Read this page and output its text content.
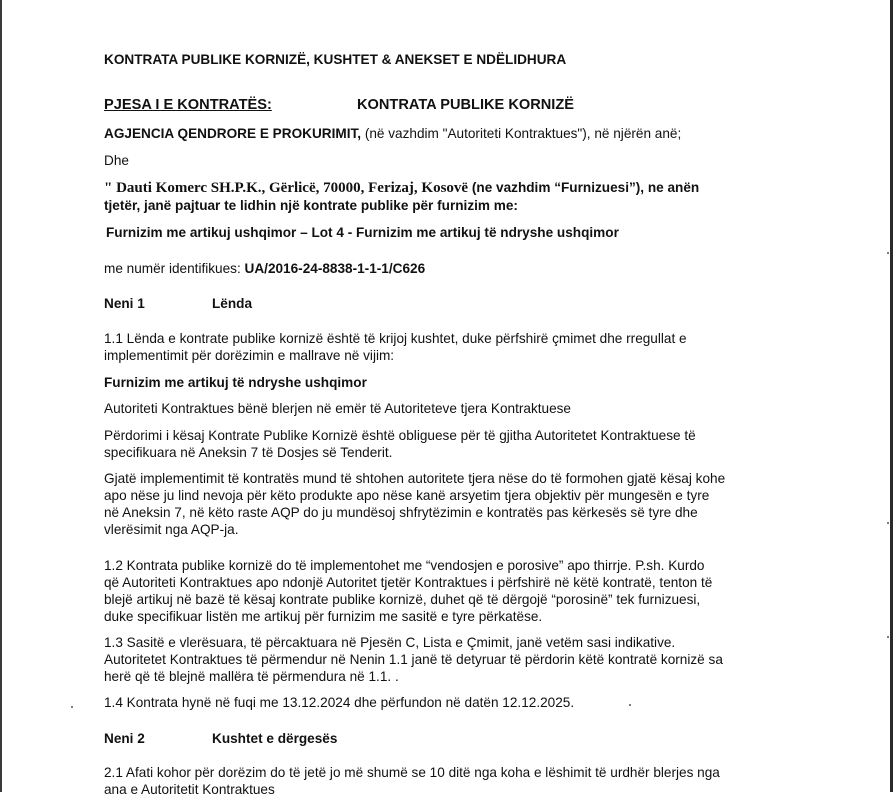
KONTRATA PUBLIKE KORNIZË, KUSHTET & ANEKSET E NDËLIDHURA
PJESA I E KONTRATËS:	KONTRATA PUBLIKE KORNIZË
AGJENCIA QENDRORE E PROKURIMIT, (në vazhdim "Autoriteti Kontraktues"), në njërën anë;
Dhe
" Dauti Komerc SH.P.K., Gërlicë, 70000, Ferizaj, Kosovë (ne vazhdim “Furnizuesi”), ne anën
tjetër, janë pajtuar te lidhin një kontrate publike për furnizim me:
Furnizim me artikuj ushqimor – Lot 4 - Furnizim me artikuj të ndryshe ushqimor
me numër identifikues: UA/2016-24-8838-1-1-1/C626
Neni 1	Lënda
1.1 Lënda e kontrate publike kornizë është të krijoj kushtet, duke përfshirë çmimet dhe rregullat e
implementimit për dorëzimin e mallrave në vijim:
Furnizim me artikuj të ndryshe ushqimor
Autoriteti Kontraktues bënë blerjen në emër të Autoriteteve tjera Kontraktuese
Përdorimi i kësaj Kontrate Publike Kornizë është obliguese për të gjitha Autoritetet Kontraktuese të
specifikuara në Aneksin 7 të Dosjes së Tenderit.
Gjatë implementimit të kontratës mund të shtohen autoritete tjera nëse do të formohen gjatë kësaj kohe
apo nëse ju lind nevoja për këto produkte apo nëse kanë arsyetim tjera objektiv për mungesën e tyre
në Aneksin 7, në këto raste AQP do ju mundësoj shfrytëzimin e kontratës pas kërkesës së tyre dhe
vlerësimit nga AQP-ja.
1.2 Kontrata publike kornizë do të implementohet me “vendosjen e porosive” apo thirrje. P.sh. Kurdo
që Autoriteti Kontraktues apo ndonjë Autoritet tjetër Kontraktues i përfshirë në këtë kontratë, tenton të
blejë artikuj në bazë të kësaj kontrate publike kornizë, duhet që të dërgojë “porosinë” tek furnizuesi,
duke specifikuar listën me artikuj për furnizim me sasitë e tyre përkatëse.
1.3 Sasitë e vlerësuara, të përcaktuara në Pjesën C, Lista e Çmimit, janë vetëm sasi indikative.
Autoritetet Kontraktues të përmendur në Nenin 1.1 janë të detyruar të përdorin këtë kontratë kornizë sa
herë që të blejnë mallëra të përmendura në 1.1. .
1.4 Kontrata hynë në fuqi me 13.12.2024 dhe përfundon në datën 12.12.2025.
Neni 2	Kushtet e dërgesës
2.1 Afati kohor për dorëzim do të jetë jo më shumë se 10 ditë nga koha e lëshimit të urdhër blerjes nga
ana e Autoritetit Kontraktues
